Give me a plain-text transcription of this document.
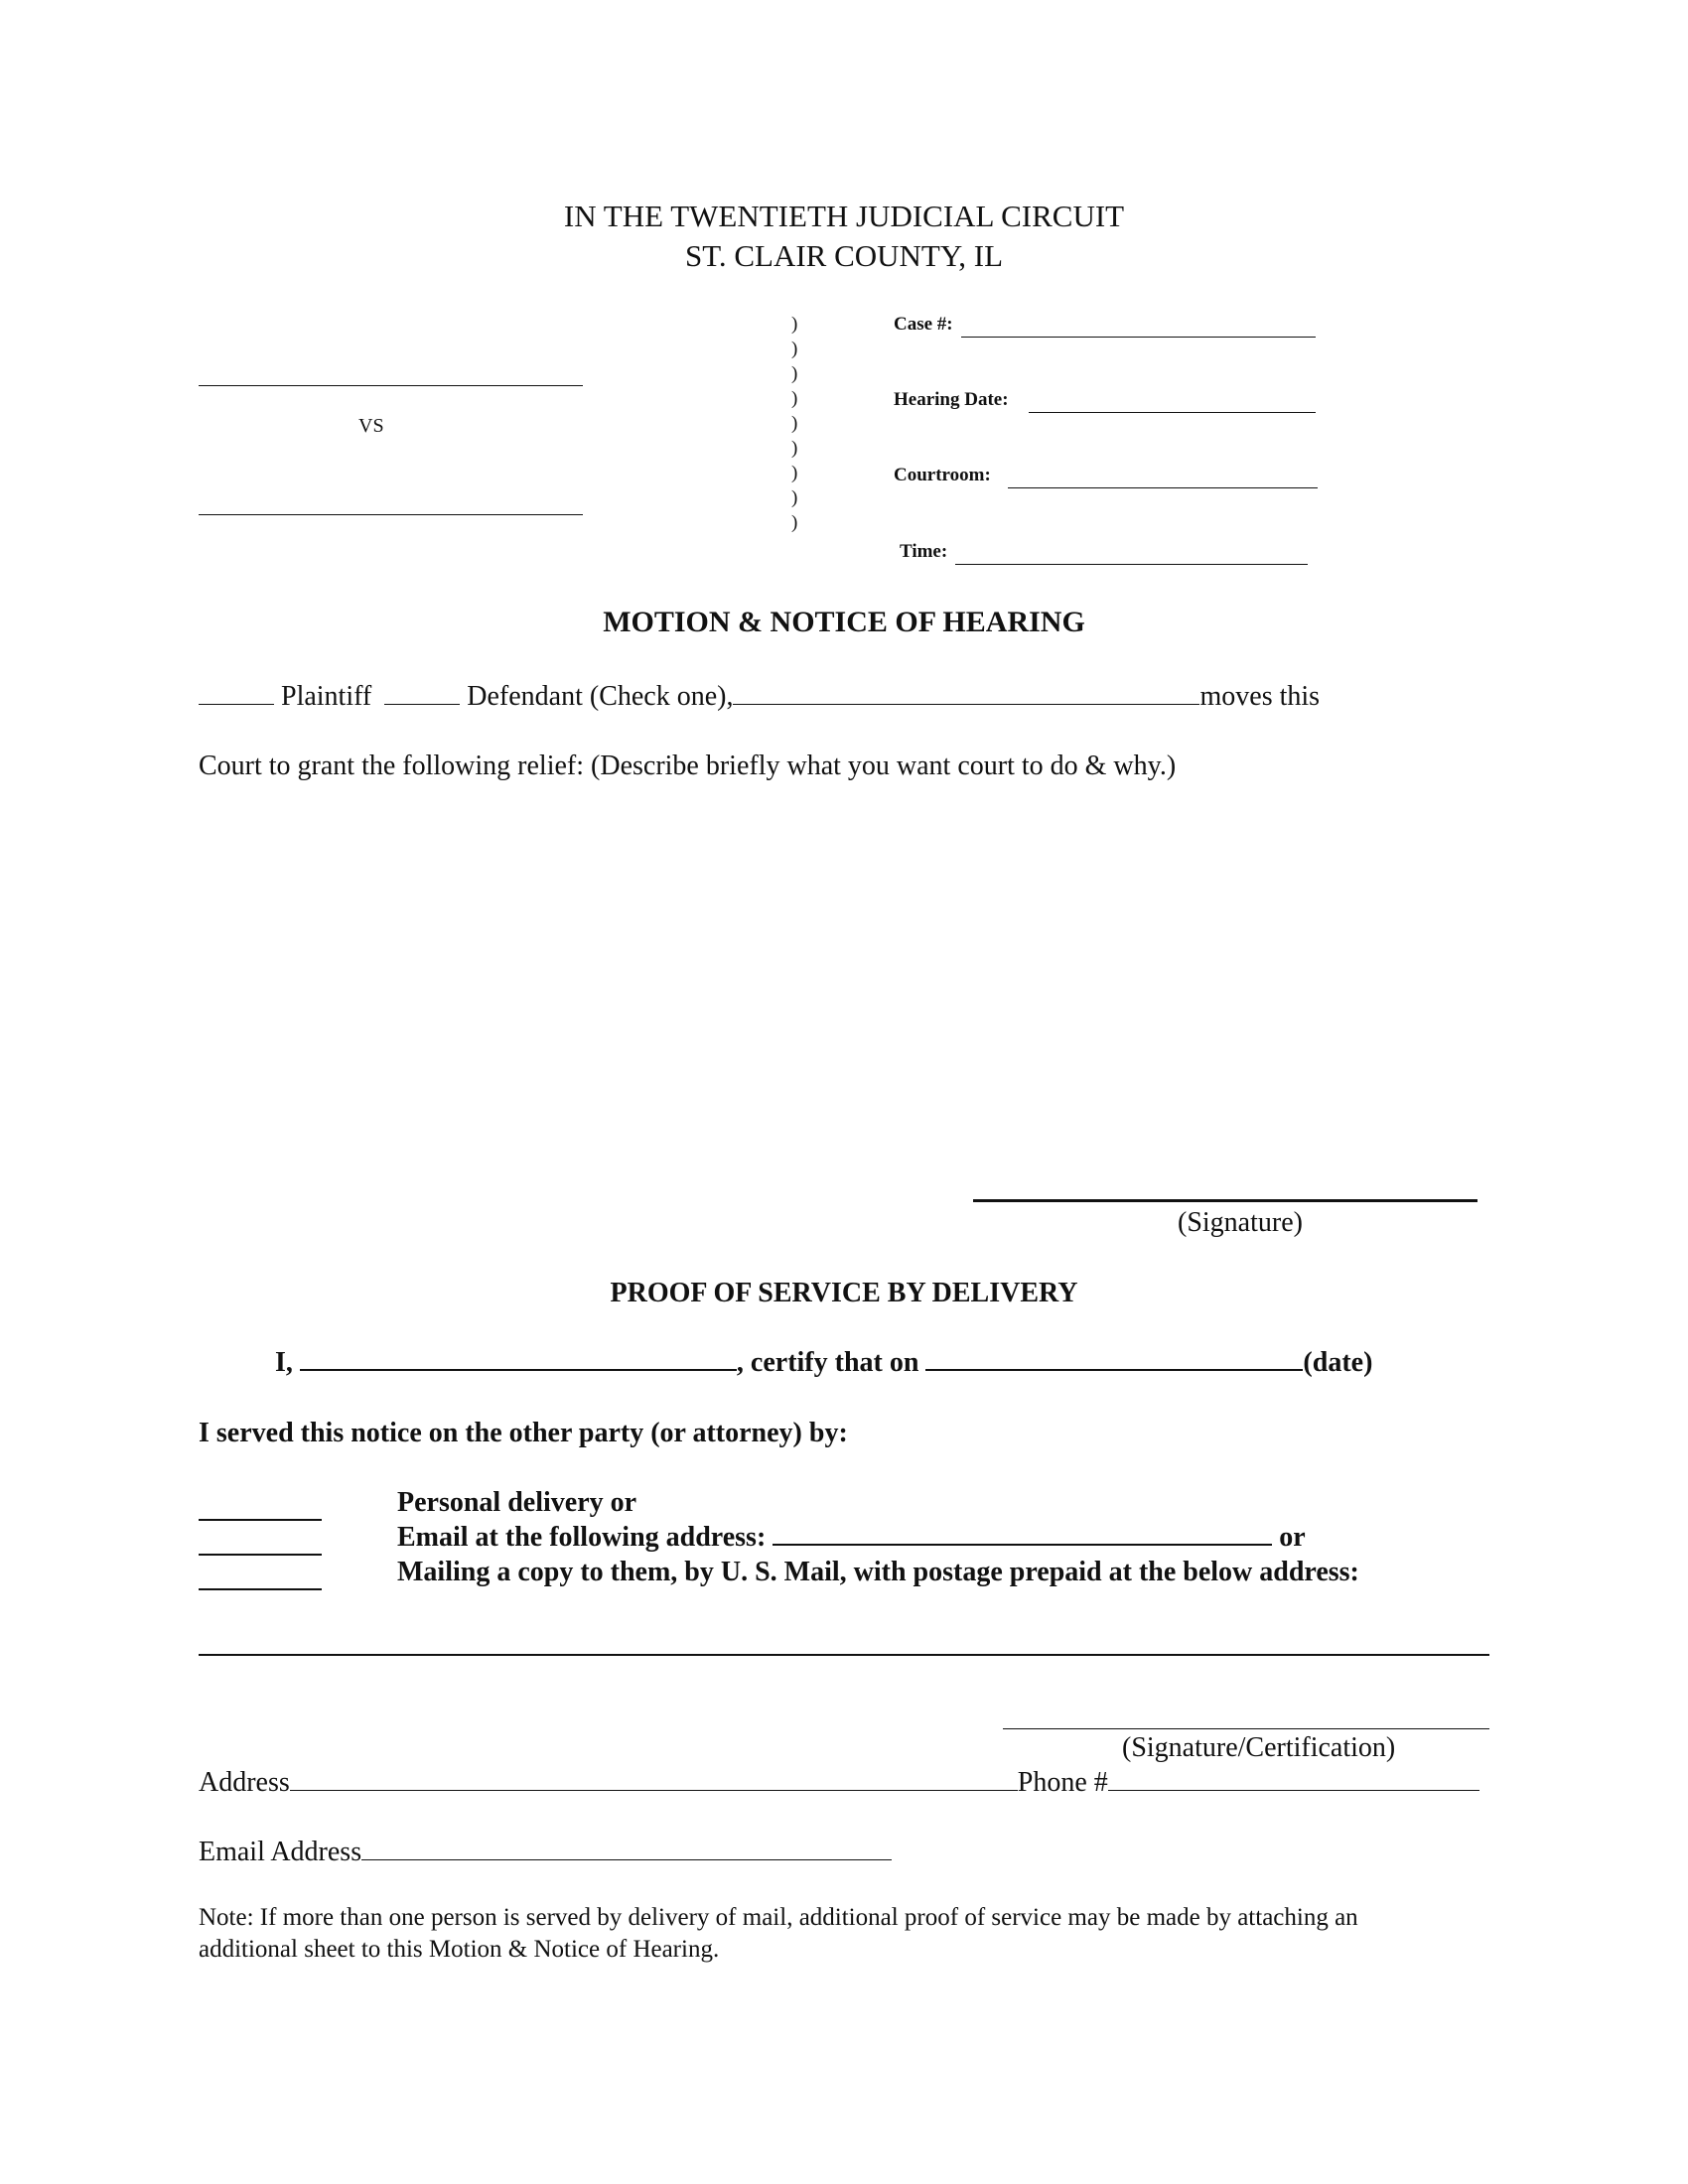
IN THE TWENTIETH JUDICIAL CIRCUIT
ST. CLAIR COUNTY, IL
VS
)
)
)
)
)
)
)
)
)
Case #:
Hearing Date:
Courtroom:
Time:
MOTION & NOTICE OF HEARING
Plaintiff	Defendant (Check one),	moves this
Court to grant the following relief: (Describe briefly what you want court to do & why.)
(Signature)
PROOF OF SERVICE BY DELIVERY
I,	, certify that on	(date)
I served this notice on the other party (or attorney) by:
Personal delivery or
Email at the following address:	or
Mailing a copy to them, by U. S. Mail, with postage prepaid at the below address:
(Signature/Certification)
Address	Phone #
Email Address
Note: If more than one person is served by delivery of mail, additional proof of service may be made by attaching an
additional sheet to this Motion & Notice of Hearing.
